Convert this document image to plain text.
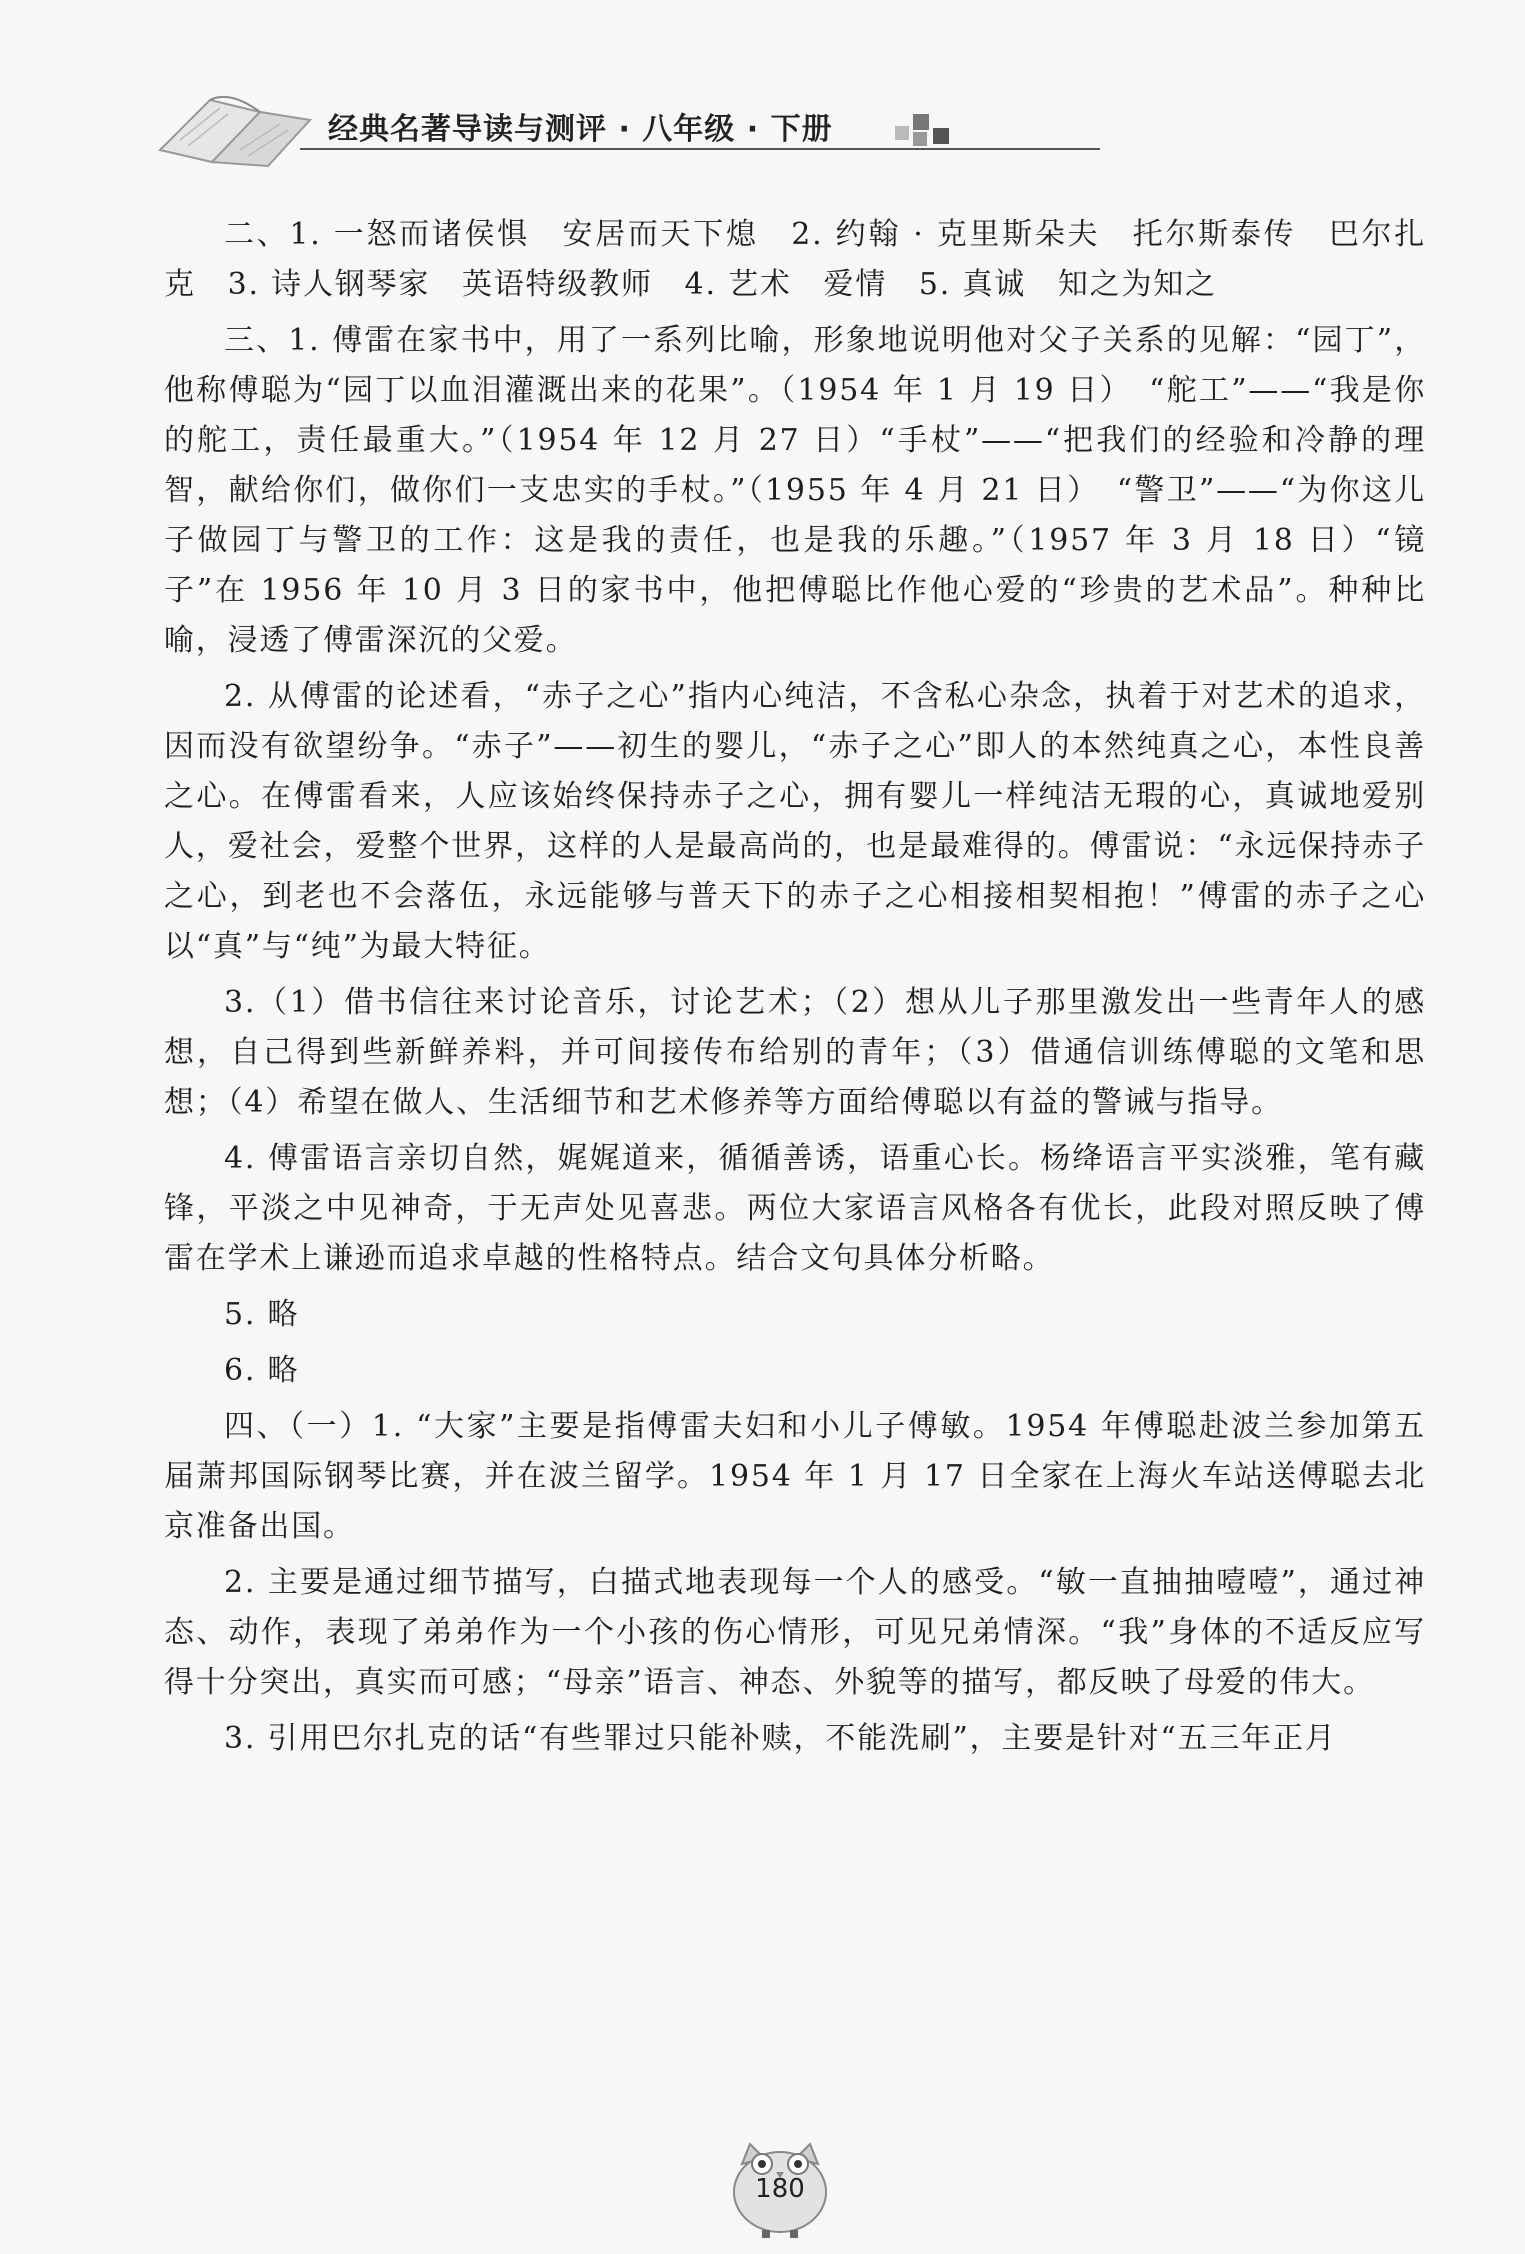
经典名著导读与测评 · 八年级 · 下册

二、1. 一怒而诸侯惧　安居而天下熄　2. 约翰 · 克里斯朵夫　托尔斯泰传　巴尔扎克　3. 诗人钢琴家　英语特级教师　4. 艺术　爱情　5. 真诚　知之为知之

三、1. 傅雷在家书中，用了一系列比喻，形象地说明他对父子关系的见解：“园丁”，他称傅聪为“园丁以血泪灌溉出来的花果”。（1954 年 1 月 19 日）　“舵工”——“我是你的舵工，责任最重大。”（1954 年 12 月 27 日）“手杖”——“把我们的经验和冷静的理智，献给你们，做你们一支忠实的手杖。”（1955 年 4 月 21 日）　“警卫”——“为你这儿子做园丁与警卫的工作：这是我的责任，也是我的乐趣。”（1957 年 3 月 18 日）“镜子”在 1956 年 10 月 3 日的家书中，他把傅聪比作他心爱的“珍贵的艺术品”。种种比喻，浸透了傅雷深沉的父爱。

2. 从傅雷的论述看，“赤子之心”指内心纯洁，不含私心杂念，执着于对艺术的追求，因而没有欲望纷争。“赤子”——初生的婴儿，“赤子之心”即人的本然纯真之心，本性良善之心。在傅雷看来，人应该始终保持赤子之心，拥有婴儿一样纯洁无瑕的心，真诚地爱别人，爱社会，爱整个世界，这样的人是最高尚的，也是最难得的。傅雷说：“永远保持赤子之心，到老也不会落伍，永远能够与普天下的赤子之心相接相契相抱！”傅雷的赤子之心以“真”与“纯”为最大特征。

3.（1）借书信往来讨论音乐，讨论艺术；（2）想从儿子那里激发出一些青年人的感想，自己得到些新鲜养料，并可间接传布给别的青年；（3）借通信训练傅聪的文笔和思想；（4）希望在做人、生活细节和艺术修养等方面给傅聪以有益的警诫与指导。

4. 傅雷语言亲切自然，娓娓道来，循循善诱，语重心长。杨绛语言平实淡雅，笔有藏锋，平淡之中见神奇，于无声处见喜悲。两位大家语言风格各有优长，此段对照反映了傅雷在学术上谦逊而追求卓越的性格特点。结合文句具体分析略。

5. 略

6. 略

四、（一）1. “大家”主要是指傅雷夫妇和小儿子傅敏。1954 年傅聪赴波兰参加第五届萧邦国际钢琴比赛，并在波兰留学。1954 年 1 月 17 日全家在上海火车站送傅聪去北京准备出国。

2. 主要是通过细节描写，白描式地表现每一个人的感受。“敏一直抽抽噎噎”，通过神态、动作，表现了弟弟作为一个小孩的伤心情形，可见兄弟情深。“我”身体的不适反应写得十分突出，真实而可感；“母亲”语言、神态、外貌等的描写，都反映了母爱的伟大。

3. 引用巴尔扎克的话“有些罪过只能补赎，不能洗刷”，主要是针对“五三年正月

180
